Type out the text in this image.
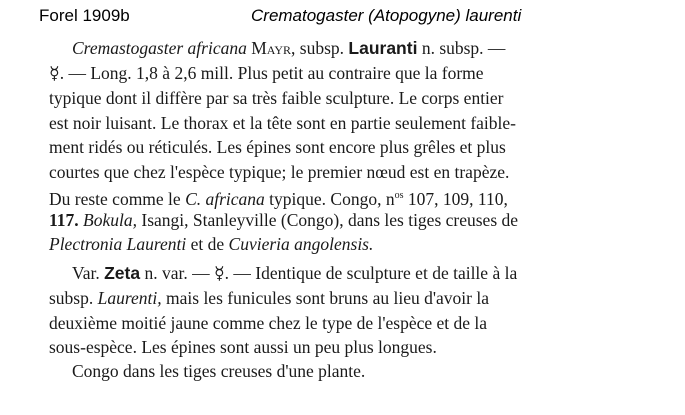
Forel 1909b	Crematogaster (Atopogyne) laurenti
Cremastogaster africana Mayr, subsp. Lauranti n. subsp. —
☿. — Long. 1,8 à 2,6 mill. Plus petit au contraire que la forme
typique dont il diffère par sa très faible sculpture. Le corps entier
est noir luisant. Le thorax et la tête sont en partie seulement faible-
ment ridés ou réticulés. Les épines sont encore plus grêles et plus
courtes que chez l'espèce typique; le premier nœud est en trapèze.
Du reste comme le C. africana typique. Congo, $n^{os}$ 107, 109, 110,
117. Bokula, Isangi, Stanleyville (Congo), dans les tiges creuses de
Plectronia Laurenti et de Cuvieria angolensis.
Var. Zeta n. var. — ☿. — Identique de sculpture et de taille à la
subsp. Laurenti, mais les funicules sont bruns au lieu d'avoir la
deuxième moitié jaune comme chez le type de l'espèce et de la
sous-espèce. Les épines sont aussi un peu plus longues.
Congo dans les tiges creuses d'une plante.
